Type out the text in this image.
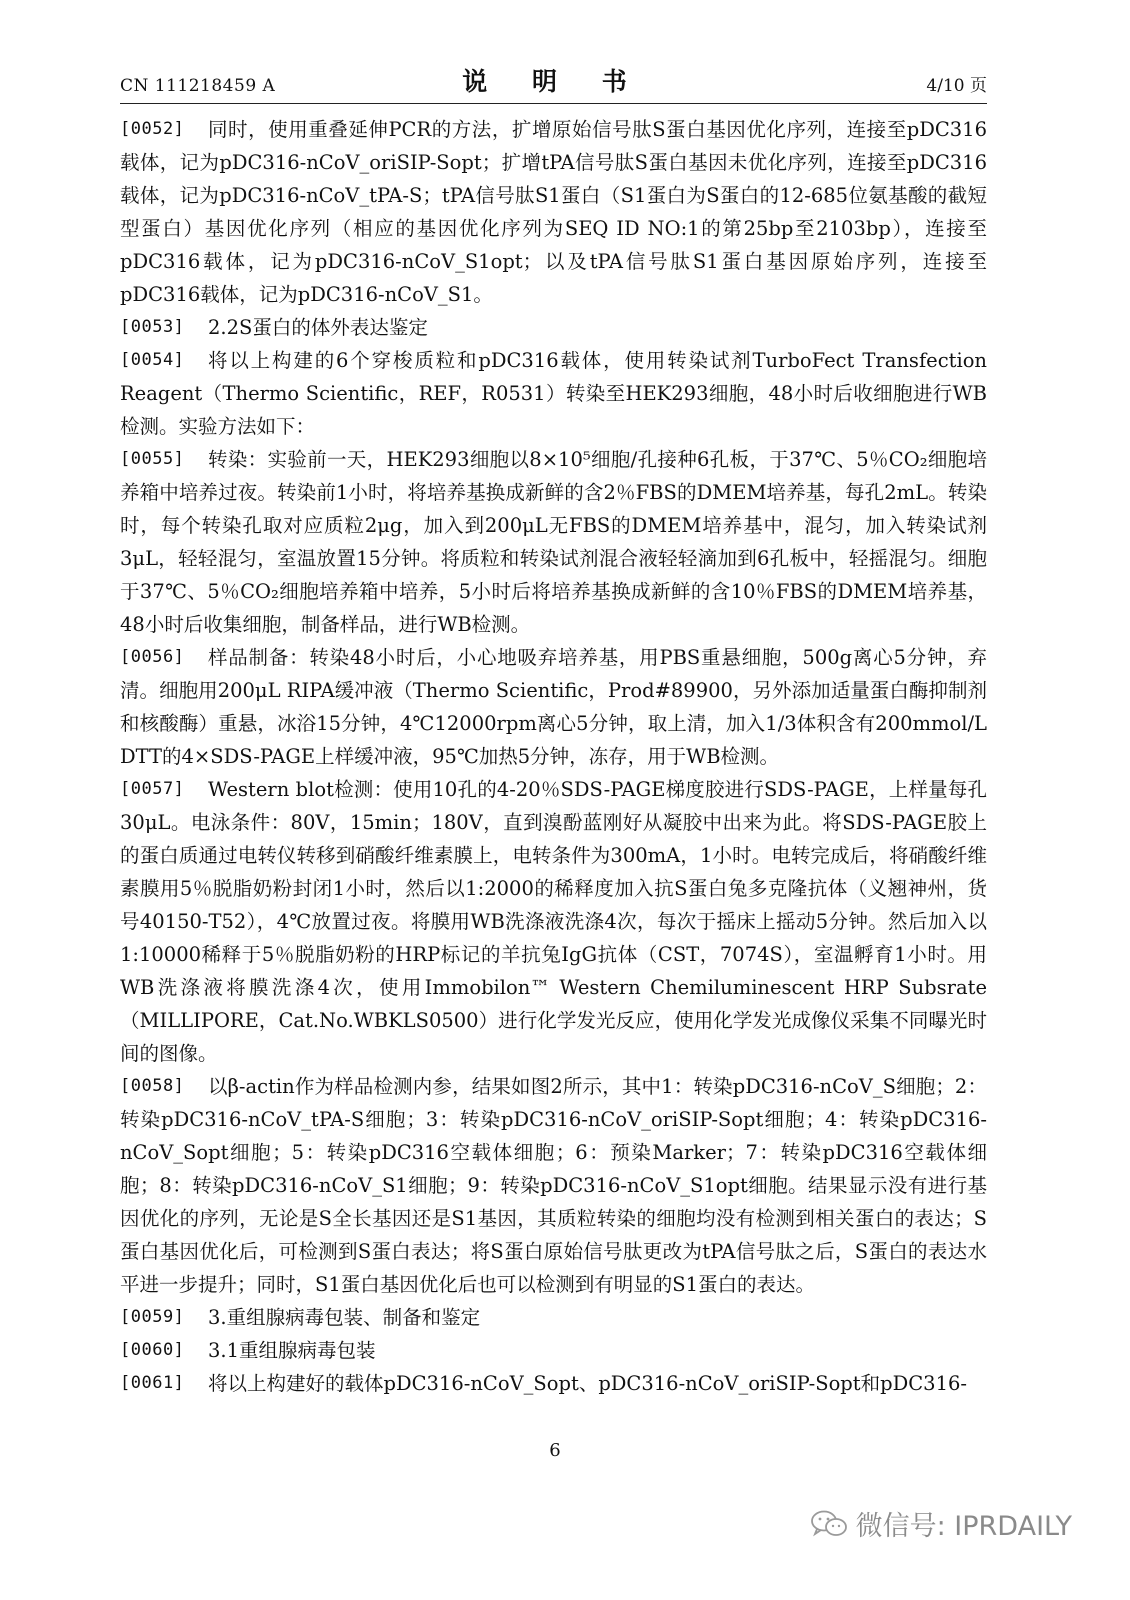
CN 111218459 A	说 明 书	4/10 页

[0052] 同时，使用重叠延伸PCR的方法，扩增原始信号肽S蛋白基因优化序列，连接至pDC316载体，记为pDC316-nCoV_oriSIP-Sopt；扩增tPA信号肽S蛋白基因未优化序列，连接至pDC316载体，记为pDC316-nCoV_tPA-S；tPA信号肽S1蛋白（S1蛋白为S蛋白的12-685位氨基酸的截短型蛋白）基因优化序列（相应的基因优化序列为SEQ ID NO:1的第25bp至2103bp），连接至pDC316载体，记为pDC316-nCoV_S1opt；以及tPA信号肽S1蛋白基因原始序列，连接至pDC316载体，记为pDC316-nCoV_S1。

[0053] 2.2S蛋白的体外表达鉴定

[0054] 将以上构建的6个穿梭质粒和pDC316载体，使用转染试剂TurboFect Transfection Reagent（Thermo Scientific，REF，R0531）转染至HEK293细胞，48小时后收细胞进行WB检测。实验方法如下：

[0055] 转染：实验前一天，HEK293细胞以8×10⁵细胞/孔接种6孔板，于37℃、5％CO₂细胞培养箱中培养过夜。转染前1小时，将培养基换成新鲜的含2％FBS的DMEM培养基，每孔2mL。转染时，每个转染孔取对应质粒2μg，加入到200μL无FBS的DMEM培养基中，混匀，加入转染试剂3μL，轻轻混匀，室温放置15分钟。将质粒和转染试剂混合液轻轻滴加到6孔板中，轻摇混匀。细胞于37℃、5％CO₂细胞培养箱中培养，5小时后将培养基换成新鲜的含10％FBS的DMEM培养基，48小时后收集细胞，制备样品，进行WB检测。

[0056] 样品制备：转染48小时后，小心地吸弃培养基，用PBS重悬细胞，500g离心5分钟，弃清。细胞用200μL RIPA缓冲液（Thermo Scientific，Prod#89900，另外添加适量蛋白酶抑制剂和核酸酶）重悬，冰浴15分钟，4℃12000rpm离心5分钟，取上清，加入1/3体积含有200mmol/L DTT的4×SDS-PAGE上样缓冲液，95℃加热5分钟，冻存，用于WB检测。

[0057] Western blot检测：使用10孔的4-20％SDS-PAGE梯度胶进行SDS-PAGE，上样量每孔30μL。电泳条件：80V，15min；180V，直到溴酚蓝刚好从凝胶中出来为此。将SDS-PAGE胶上的蛋白质通过电转仪转移到硝酸纤维素膜上，电转条件为300mA，1小时。电转完成后，将硝酸纤维素膜用5％脱脂奶粉封闭1小时，然后以1:2000的稀释度加入抗S蛋白兔多克隆抗体（义翘神州，货号40150-T52），4℃放置过夜。将膜用WB洗涤液洗涤4次，每次于摇床上摇动5分钟。然后加入以1:10000稀释于5％脱脂奶粉的HRP标记的羊抗兔IgG抗体（CST，7074S），室温孵育1小时。用WB洗涤液将膜洗涤4次，使用Immobilon™ Western Chemiluminescent HRP Subsrate（MILLIPORE，Cat.No.WBKLS0500）进行化学发光反应，使用化学发光成像仪采集不同曝光时间的图像。

[0058] 以β-actin作为样品检测内参，结果如图2所示，其中1：转染pDC316-nCoV_S细胞；2：转染pDC316-nCoV_tPA-S细胞；3：转染pDC316-nCoV_oriSIP-Sopt细胞；4：转染pDC316-nCoV_Sopt细胞；5：转染pDC316空载体细胞；6：预染Marker；7：转染pDC316空载体细胞；8：转染pDC316-nCoV_S1细胞；9：转染pDC316-nCoV_S1opt细胞。结果显示没有进行基因优化的序列，无论是S全长基因还是S1基因，其质粒转染的细胞均没有检测到相关蛋白的表达；S蛋白基因优化后，可检测到S蛋白表达；将S蛋白原始信号肽更改为tPA信号肽之后，S蛋白的表达水平进一步提升；同时，S1蛋白基因优化后也可以检测到有明显的S1蛋白的表达。

[0059] 3.重组腺病毒包装、制备和鉴定

[0060] 3.1重组腺病毒包装

[0061] 将以上构建好的载体pDC316-nCoV_Sopt、pDC316-nCoV_oriSIP-Sopt和pDC316-

6
微信号: IPRDAILY
